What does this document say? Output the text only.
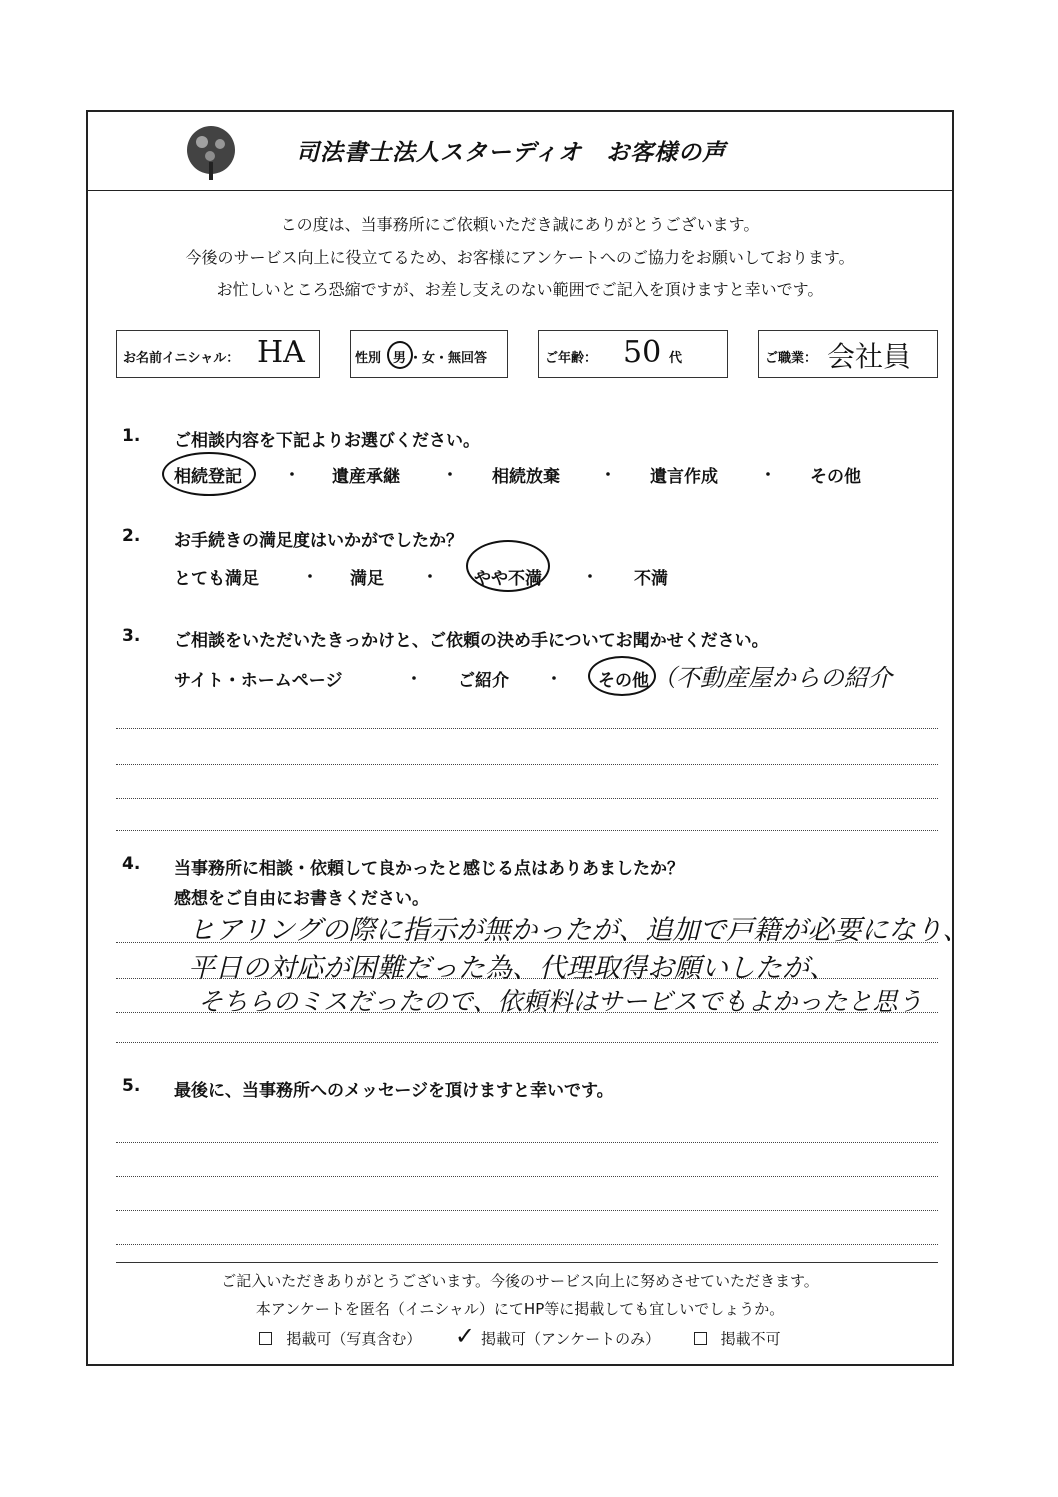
司法書士法人スターディオ　お客様の声
この度は、当事務所にご依頼いただき誠にありがとうございます。
今後のサービス向上に役立てるため、お客様にアンケートへのご協力をお願いしております。
お忙しいところ恐縮ですが、お差し支えのない範囲でご記入を頂けますと幸いです。
お名前イニシャル： HA	性別 男 ・女・無回答	ご年齢： 50 代	ご職業： 会社員
1. ご相談内容を下記よりお選びください。
相続登記	・ 遺産承継	・ 相続放棄	・ 遺言作成	・ その他
2. お手続きの満足度はいかがでしたか？
とても満足	・ 満足 ・ やや不満	・ 不満
3. ご相談をいただいたきっかけと、ご依頼の決め手についてお聞かせください。
サイト・ホームページ	・ ご紹介 ・ その他 （不動産屋からの紹介
4. 当事務所に相談・依頼して良かったと感じる点はありあましたか？
感想をご自由にお書きください。
ヒアリングの際に指示が無かったが、追加で戸籍が必要になり、
平日の対応が困難だった為、代理取得お願いしたが、
そちらのミスだったので、依頼料はサービスでもよかったと思う
5. 最後に、当事務所へのメッセージを頂けますと幸いです。
ご記入いただきありがとうございます。今後のサービス向上に努めさせていただきます。
本アンケートを匿名（イニシャル）にてHP等に掲載しても宜しいでしょうか。
掲載可（写真含む） ✓ 掲載可（アンケートのみ）	掲載不可
